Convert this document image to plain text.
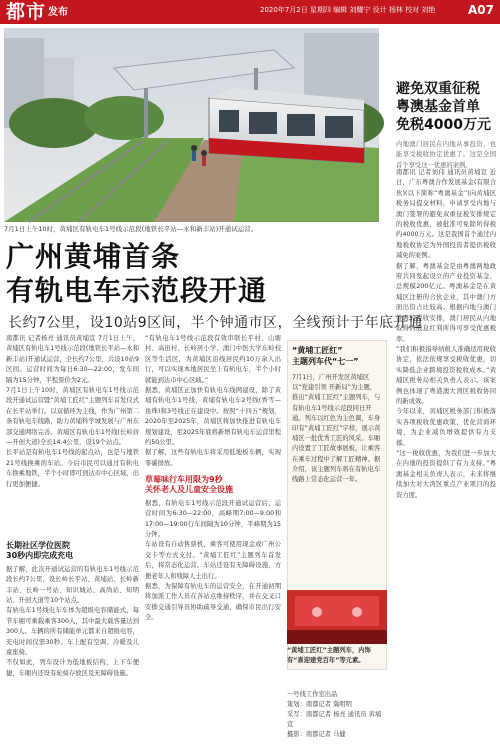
都市 发布	2020年7月2日 星期四 编辑 刘耀宁 设计 杨林 校对 刘艳	A07
7月1日上午10时，黄埔区有轨电车1号线示范段(地铁长平站—永和新丰站)开通试运营。
广州黄埔首条
有轨电车示范段开通
长约7公里，设10站9区间，半个钟通市区，全线预计于年底开通

南都讯 记者杨亮 通讯员黄埔宣 7月1日上午，黄埔区有轨电车1号线示范段(地铁长平站—永和新丰站)开通试运营，全长约7公里，共设10站9区间。运营时间为每日6:30—22:00，发车间隔为15分钟，半程票价为2元。

7月1日上午10时，黄埔区有轨电车1号线示范段开通试运营暨“黄埔工匠红”主题列车首发仪式在长平站举行。以双循环为主线，作为广州第二条有轨电车线路，助力黄埔科学城发展与广州东部交通网络完善。黄埔区有轨电车1号线(长岭居—开创大道)全长14.4公里，设19个站点。

长平站是有轨电车1号线的起点站，也是与地铁21号线换乘的车站。今后市民可以通过有轨电车换乘地铁，半个小时即可到达市中心区域，出行更加便捷。

长期社区学位医院
30秒内即完成充电

据了解，此次开通试运营的有轨电车1号线示范段长约7公里，设长岭长平站、黄埔站、长岭新丰站、长岭一号站、知识城站、高尚站、知明站、开创大道等10个站点。

有轨电车1号线电车车体为超级电容储能式，每节车厢可乘载乘客300人，其中最大载客量达到300人。车辆的所有储能单元都来自超级电容，充电时间仅需30秒。车上配有空调、冷暖及儿童座椅。

不仅如此，列车设计为低地板结构，上下车便捷，车厢内还设有轮椅存放区及无障碍设施。

“有轨电车1号线示范段有效串联长平村、山塘村、高田村、长岭居小学、澳门中医大学东岭校区等生活区，为黄埔区沿线居民约10万余人出行，可以实现本地居民坐上有轨电车，半个小时就能到达市中心区域。”

据悉，黄埔区正加快有轨电车线网建设，除了黄埔有轨电车1号线，黄埔有轨电车2号线(香雪—鱼珠)和3号线正在建设中。按照“十四五”规划，2020年至2025年，黄埔区将加快推进有轨电车规划建设，至2025年底将新增有轨电车运营里程约50公里。

据了解，这些有轨电车将采用低地板车辆，实现零碳排放。

草莓味行车用限为9秒
关怀老人及儿童安全设施

据悉，有轨电车1号线示范段开通试运营后，运营时间为6:30—22:00，高峰期7:00—9:00和17:00—19:00行车间隔为10分钟，平峰期为15分钟。

车站设有自动售票机，乘客可使用现金或广州公交卡等方式支付。“黄埔工匠红”主题列车首发后，将常态化运营。车站还设有无障碍设施，方便老年人和残障人士出行。

据悉，为保障有轨电车的运营安全，在开通初期将加派工作人员在各站点维持秩序，并在交叉口安排交通引导员协助疏导交通，确保市民出行安全。

“黄埔工匠红”
主题列车代“七一”
7月1日，广州开发区黄埔区以“党建引领 开新局”为主题，推出“黄埔工匠红”主题列车，与有轨电车1号线示范段同日开通。列车以红色为主色调，车身印有“黄埔工匠红”字样，展示黄埔区一批优秀工匠的风采。车厢内设置了工匠故事展板，让乘客在乘车过程中了解工匠精神。据介绍，该主题列车将在有轨电车线路上常态化运营一年。
“黄埔工匠红”主题列车，内饰有“喜迎建党百年”等元素。
一号线工作室出品
策划：南都记者 冀明明
采写：南都记者 杨亮 通讯员 黄埔宣
摄影：南都记者 马健
避免双重征税
粤澳基金首单
免税4000万元
内地澳门居民在内地从事投资，也能享受税收协定优惠了。这是全国首个享受这一优惠的案例。

南都讯 记者刘伟 通讯员黄埔宣 近日，广东粤澳合作发展基金(有限合伙)(以下简称“粤澳基金”)向黄埔区税务局提交材料，申请享受内地与澳门签署的避免双重征税安排规定的税收优惠，被批准可免除所得税约4000万元。这是我国首个通过内地税收协定为外国投资者提供税收减免的案例。

据了解，粤澳基金是由粤澳两地政府共同发起设立的产业投资基金，总规模200亿元。粤澳基金是在黄埔区注册的合伙企业，其中澳门方面出资占比较高。根据内地与澳门签署的税收安排，澳门居民从内地取得的股息红利所得可享受优惠税率。

“我们积极指导纳税人准确适用税收协定，依法依规享受税收优惠，切实降低企业跨境投资税收成本。”黄埔区税务局相关负责人表示。该案例也体现了粤港澳大湾区税收协同的新成效。

今年以来，黄埔区税务部门积极落实各项税收优惠政策，优化营商环境，为企业减负增效提供有力支撑。

“这一税收优惠，为我们进一步加大在内地的投资提供了有力支持。”粤澳基金相关负责人表示，未来将继续加大对大湾区重点产业项目的投资力度。
